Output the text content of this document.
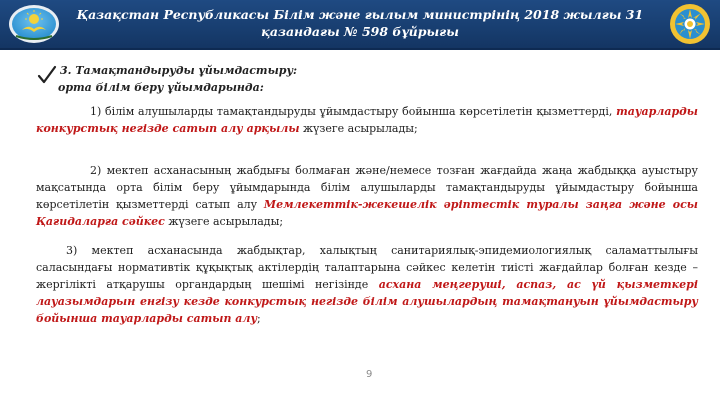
Қазақстан Республикасы Білім және ғылым министрінің 2018 жылғы 31 қазандағы № 598 бұйрығы
3. Тамақтандыруды ұйымдастыру:
орта білім беру ұйымдарында:

1) білім алушыларды тамақтандыруды ұйымдастыру бойынша көрсетілетін қызметтерді, тауарларды конкурстық негізде сатып алу арқылы жүзеге асырылады;

2) мектеп асханасының жабдығы болмаған және/немесе тозған жағдайда жаңа жабдыққа ауыстыру мақсатында орта білім беру ұйымдарында білім алушыларды тамақтандыруды ұйымдастыру бойынша көрсетілетін қызметтерді сатып алу Мемлекеттік-жекешелік әріптестік туралы заңға және осы Қағидаларға сәйкес жүзеге асырылады;

3) мектеп асханасында жабдықтар, халықтың санитариялық-эпидемиологиялық саламаттылығы саласындағы нормативтік құқықтық актілердің талаптарына сәйкес келетін тиісті жағдайлар болған кезде –жергілікті атқарушы органдардың шешімі негізінде асхана меңгеруші, аспаз, ас үй қызметкері лауазымдарын енгізу кезде конкурстық негізде білім алушылардың тамақтануын ұйымдастыру бойынша тауарларды сатып алу;

9
